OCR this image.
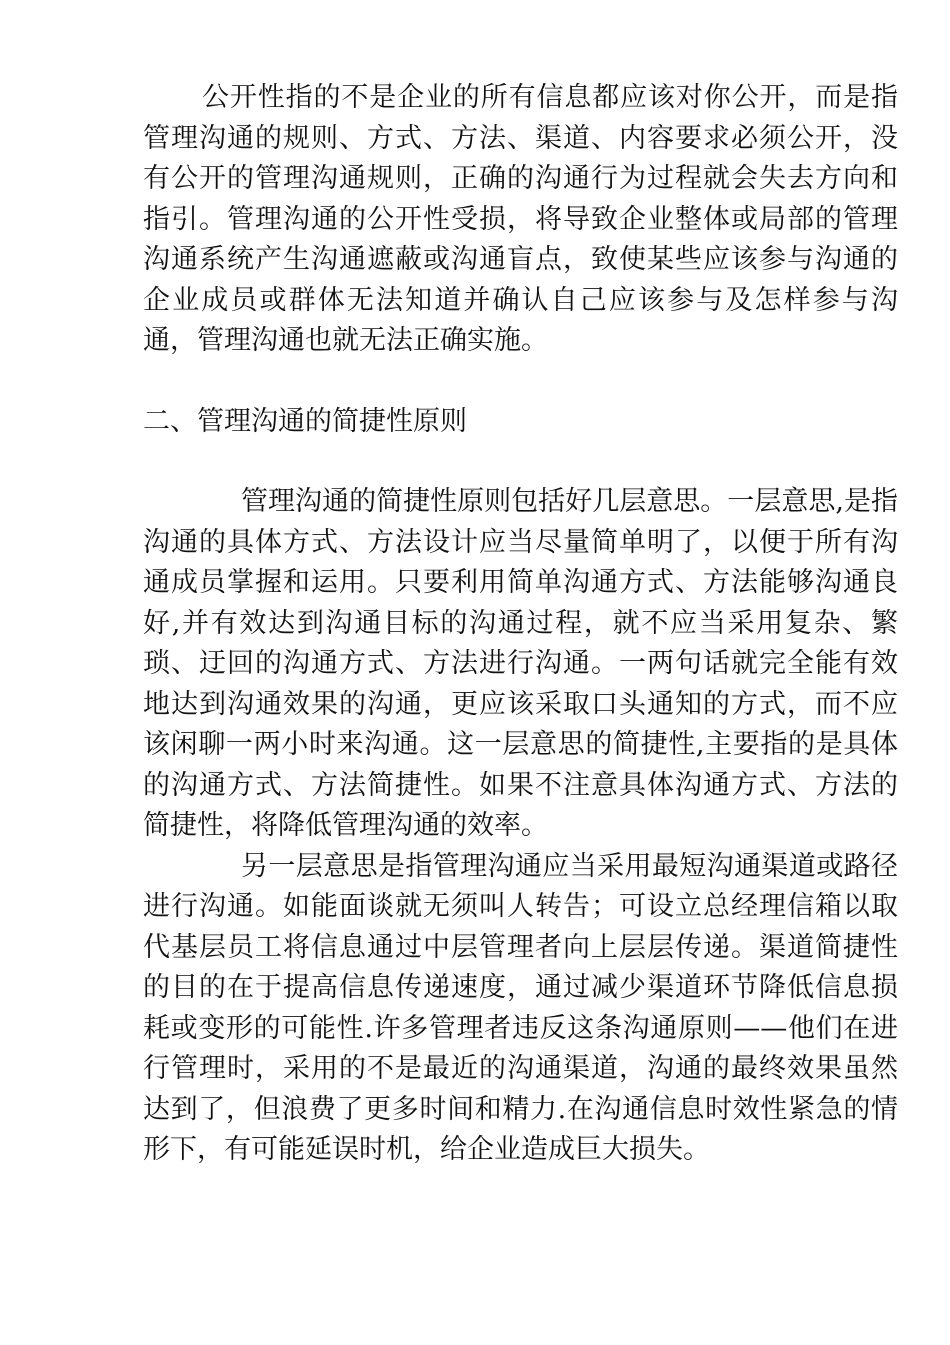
公开性指的不是企业的所有信息都应该对你公开，而是指管理沟通的规则、方式、方法、渠道、内容要求必须公开，没有公开的管理沟通规则，正确的沟通行为过程就会失去方向和指引。管理沟通的公开性受损，将导致企业整体或局部的管理沟通系统产生沟通遮蔽或沟通盲点，致使某些应该参与沟通的企业成员或群体无法知道并确认自己应该参与及怎样参与沟通，管理沟通也就无法正确实施。

二、管理沟通的简捷性原则

管理沟通的简捷性原则包括好几层意思。一层意思,是指沟通的具体方式、方法设计应当尽量简单明了，以便于所有沟通成员掌握和运用。只要利用简单沟通方式、方法能够沟通良好,并有效达到沟通目标的沟通过程，就不应当采用复杂、繁琐、迂回的沟通方式、方法进行沟通。一两句话就完全能有效地达到沟通效果的沟通，更应该采取口头通知的方式，而不应该闲聊一两小时来沟通。这一层意思的简捷性,主要指的是具体的沟通方式、方法简捷性。如果不注意具体沟通方式、方法的简捷性，将降低管理沟通的效率。

另一层意思是指管理沟通应当采用最短沟通渠道或路径进行沟通。如能面谈就无须叫人转告；可设立总经理信箱以取代基层员工将信息通过中层管理者向上层层传递。渠道简捷性的目的在于提高信息传递速度，通过减少渠道环节降低信息损耗或变形的可能性.许多管理者违反这条沟通原则——他们在进行管理时，采用的不是最近的沟通渠道，沟通的最终效果虽然达到了，但浪费了更多时间和精力.在沟通信息时效性紧急的情形下，有可能延误时机，给企业造成巨大损失。
